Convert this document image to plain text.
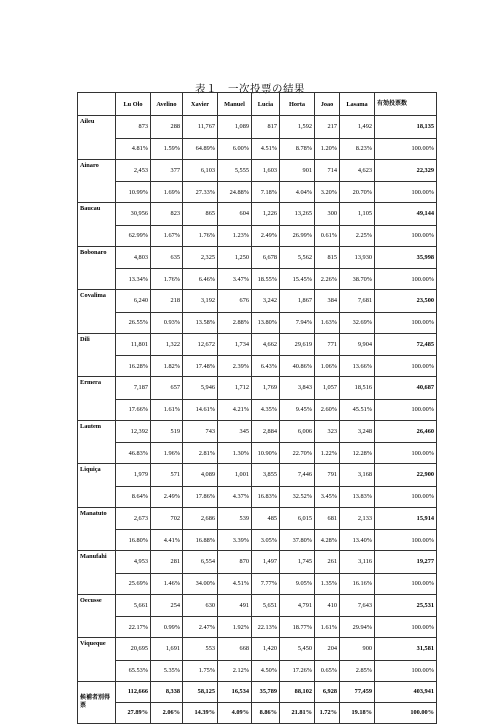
表１　一次投票の結果
	Lu Olo	Avelino	Xavier	Manuel	Lucia	Horta	Joao	Lasama	有効投票数
Aileu	873	288	11,767	1,089	817	1,592	217	1,492	18,135
	4.81%	1.59%	64.89%	6.00%	4.51%	8.78%	1.20%	8.23%	100.00%
Ainaro	2,453	377	6,103	5,555	1,603	901	714	4,623	22,329
	10.99%	1.69%	27.33%	24.88%	7.18%	4.04%	3.20%	20.70%	100.00%
Baucau	30,956	823	865	604	1,226	13,265	300	1,105	49,144
	62.99%	1.67%	1.76%	1.23%	2.49%	26.99%	0.61%	2.25%	100.00%
Bobonaro	4,803	635	2,325	1,250	6,678	5,562	815	13,930	35,998
	13.34%	1.76%	6.46%	3.47%	18.55%	15.45%	2.26%	38.70%	100.00%
Covalima	6,240	218	3,192	676	3,242	1,867	384	7,681	23,500
	26.55%	0.93%	13.58%	2.88%	13.80%	7.94%	1.63%	32.69%	100.00%
Dili	11,801	1,322	12,672	1,734	4,662	29,619	771	9,904	72,485
	16.28%	1.82%	17.48%	2.39%	6.43%	40.86%	1.06%	13.66%	100.00%
Ermera	7,187	657	5,946	1,712	1,769	3,843	1,057	18,516	40,687
	17.66%	1.61%	14.61%	4.21%	4.35%	9.45%	2.60%	45.51%	100.00%
Lautem	12,392	519	743	345	2,884	6,006	323	3,248	26,460
	46.83%	1.96%	2.81%	1.30%	10.90%	22.70%	1.22%	12.28%	100.00%
Liquiça	1,979	571	4,089	1,001	3,855	7,446	791	3,168	22,900
	8.64%	2.49%	17.86%	4.37%	16.83%	32.52%	3.45%	13.83%	100.00%
Manatuto	2,673	702	2,686	539	485	6,015	681	2,133	15,914
	16.80%	4.41%	16.88%	3.39%	3.05%	37.80%	4.28%	13.40%	100.00%
Manufahi	4,953	281	6,554	870	1,497	1,745	261	3,116	19,277
	25.69%	1.46%	34.00%	4.51%	7.77%	9.05%	1.35%	16.16%	100.00%
Oecusse	5,661	254	630	491	5,651	4,791	410	7,643	25,531
	22.17%	0.99%	2.47%	1.92%	22.13%	18.77%	1.61%	29.94%	100.00%
Viqueque	20,695	1,691	553	668	1,420	5,450	204	900	31,581
	65.53%	5.35%	1.75%	2.12%	4.50%	17.26%	0.65%	2.85%	100.00%
候補者別得票	112,666	8,338	58,125	16,534	35,789	88,102	6,928	77,459	403,941
	27.89%	2.06%	14.39%	4.09%	8.86%	21.81%	1.72%	19.18%	100.00%
